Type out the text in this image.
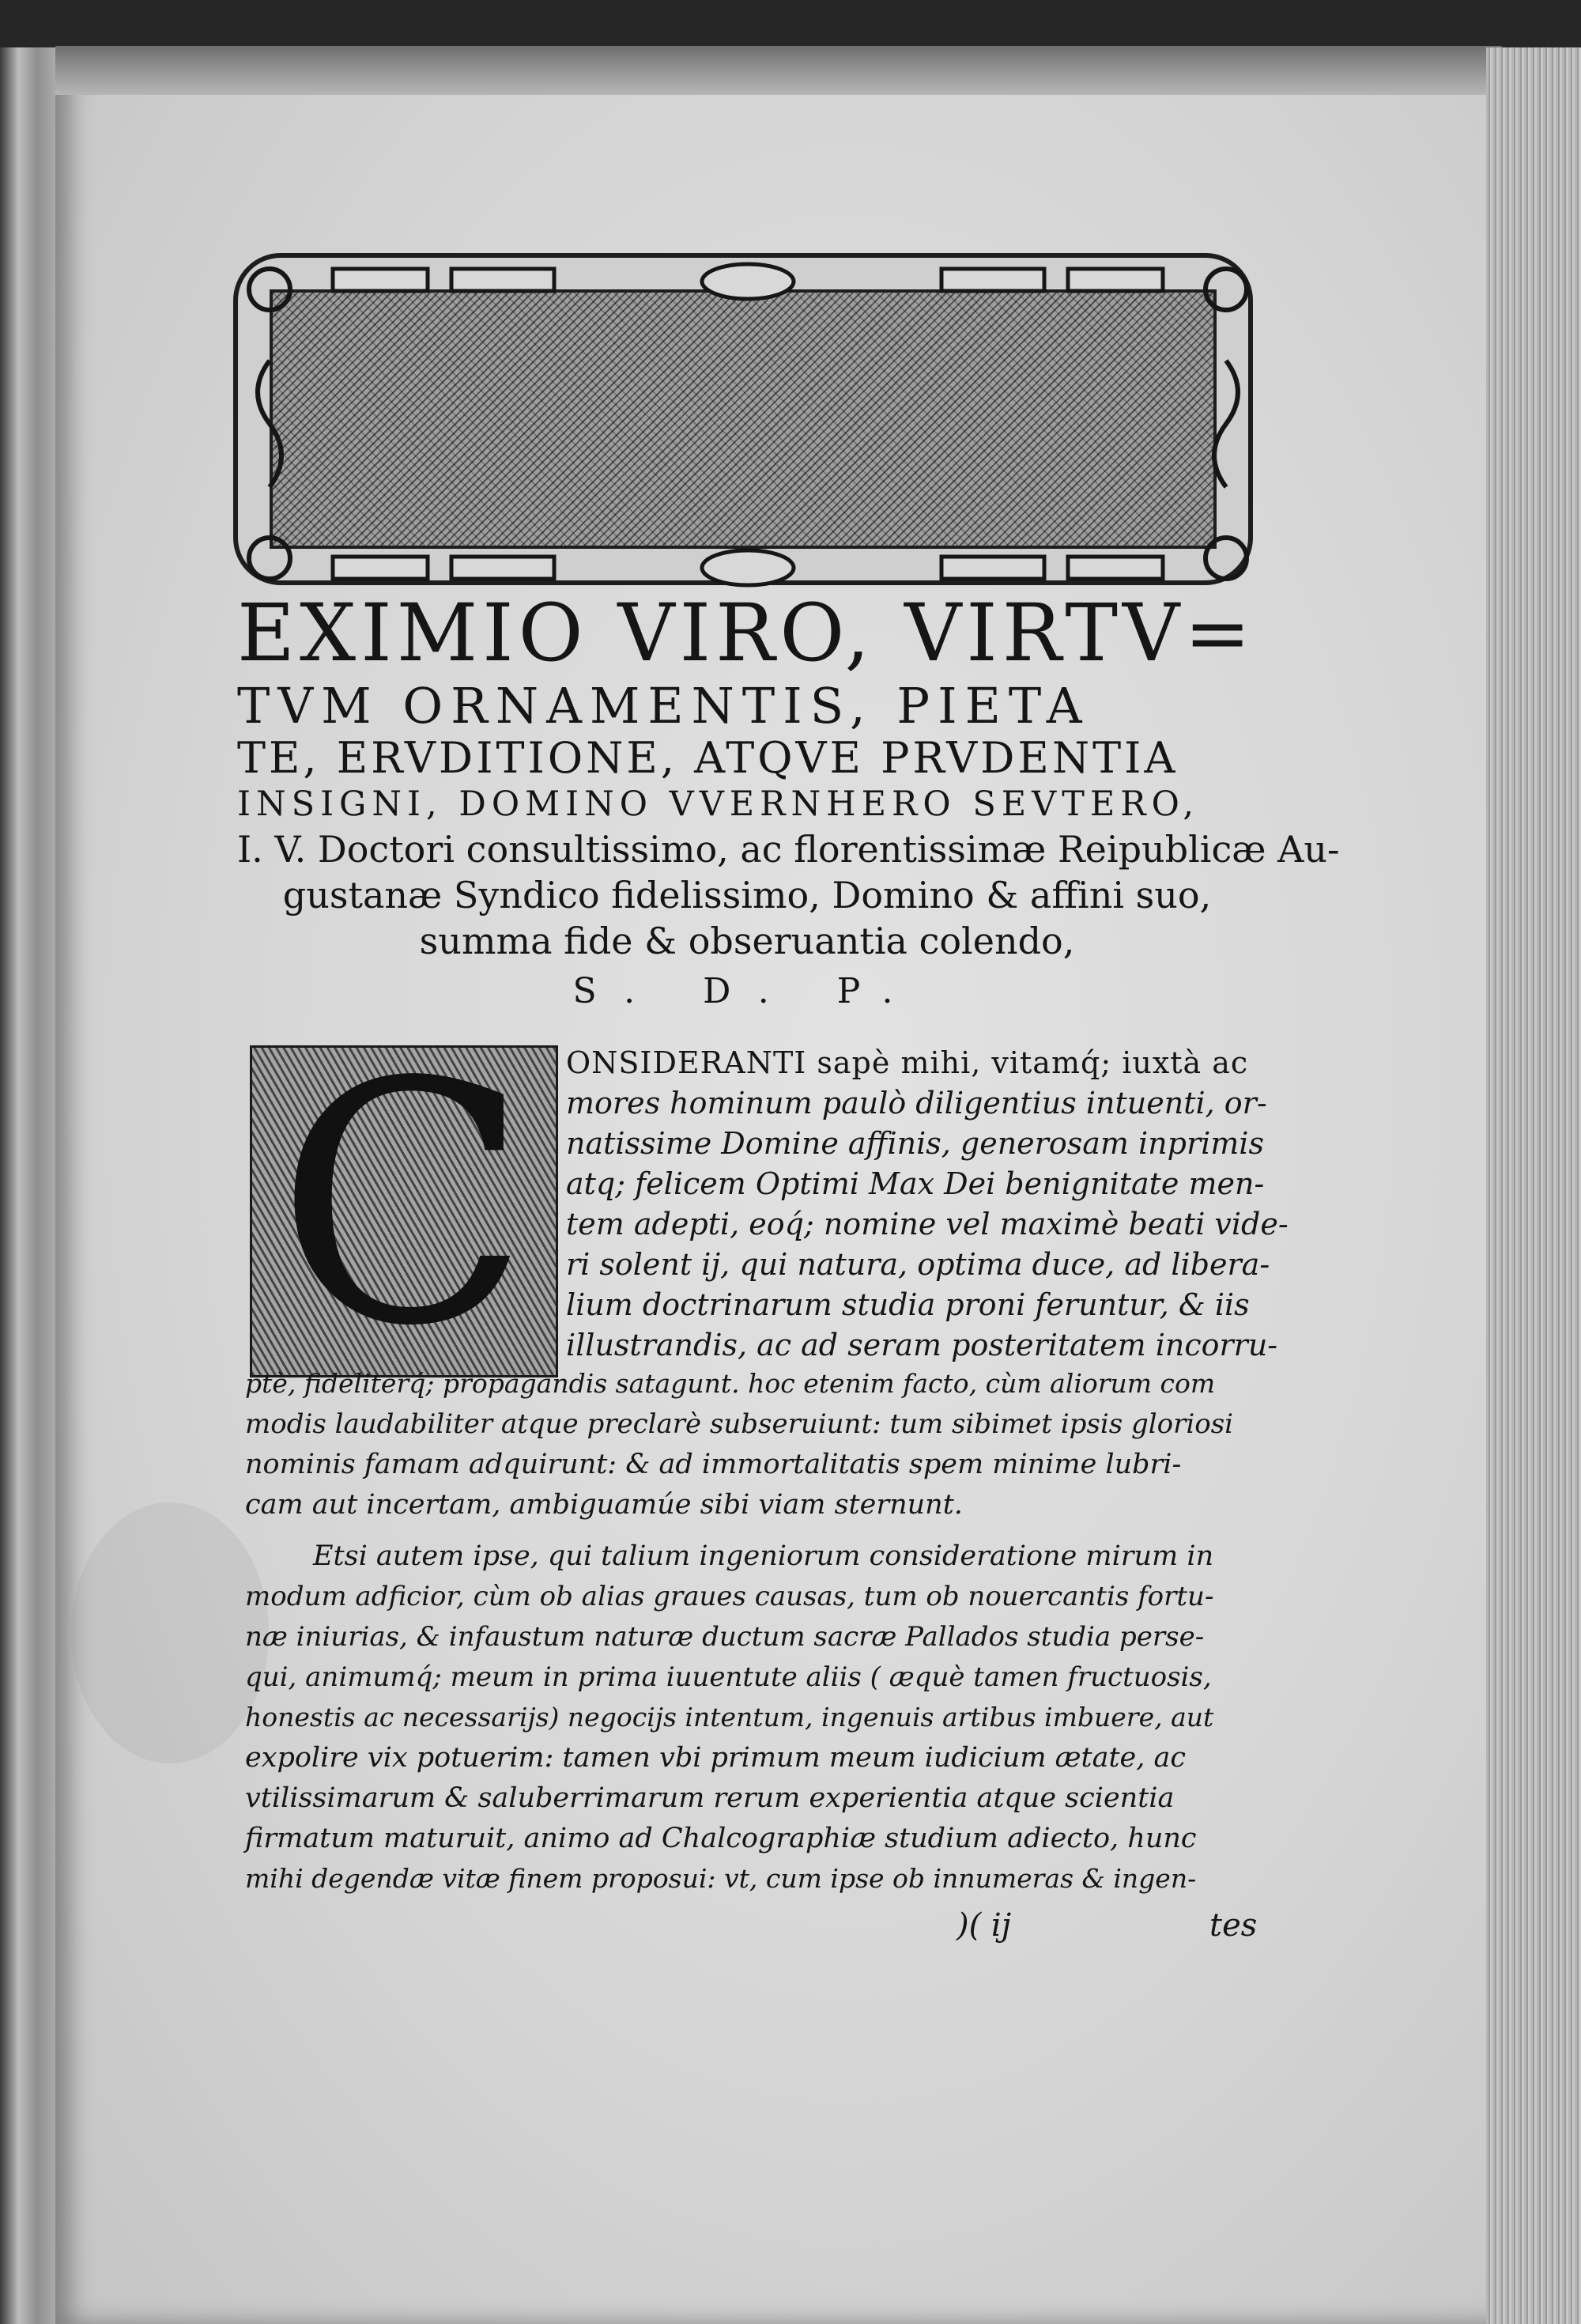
EXIMIO VIRO, VIRTV=
TVM ORNAMENTIS, PIETA
TE, ERVDITIONE, ATQVE PRVDENTIA
INSIGNI, DOMINO VVERNHERO SEVTERO,
I. V. Doctori consultissimo, ac florentissimæ Reipublicæ Au-
gustanæ Syndico fidelissimo, Domino & affini suo,
summa fide & obseruantia colendo,
S. D. P.
C ONSIDERANTI sapè mihi, vitamq́; iuxtà ac
mores hominum paulò diligentius intuenti, or-
natissime Domine affinis, generosam inprimis
atq; felicem Optimi Max Dei benignitate men-
tem adepti, eoq́; nomine vel maximè beati vide-
ri solent ij, qui natura, optima duce, ad libera-
lium doctrinarum studia proni feruntur, & iis
illustrandis, ac ad seram posteritatem incorru-
ptè, fideliterq́; propagandis satagunt. hoc etenim facto, cùm aliorum com
modis laudabiliter atque preclarè subseruiunt: tum sibimet ipsis gloriosi
nominis famam adquirunt: & ad immortalitatis spem minime lubri-
cam aut incertam, ambiguamúe sibi viam sternunt.
Etsi autem ipse, qui talium ingeniorum consideratione mirum in
modum adficior, cùm ob alias graues causas, tum ob nouercantis fortu-
næ iniurias, & infaustum naturæ ductum sacræ Pallados studia perse-
qui, animumq́; meum in prima iuuentute aliis ( æquè tamen fructuosis,
honestis ac necessarijs) negocijs intentum, ingenuis artibus imbuere, aut
expolire vix potuerim: tamen vbi primum meum iudicium ætate, ac
vtilissimarum & saluberrimarum rerum experientia atque scientia
firmatum maturuit, animo ad Chalcographiæ studium adiecto, hunc
mihi degendæ vitæ finem proposui: vt, cum ipse ob innumeras & ingen-
)( ij	tes
